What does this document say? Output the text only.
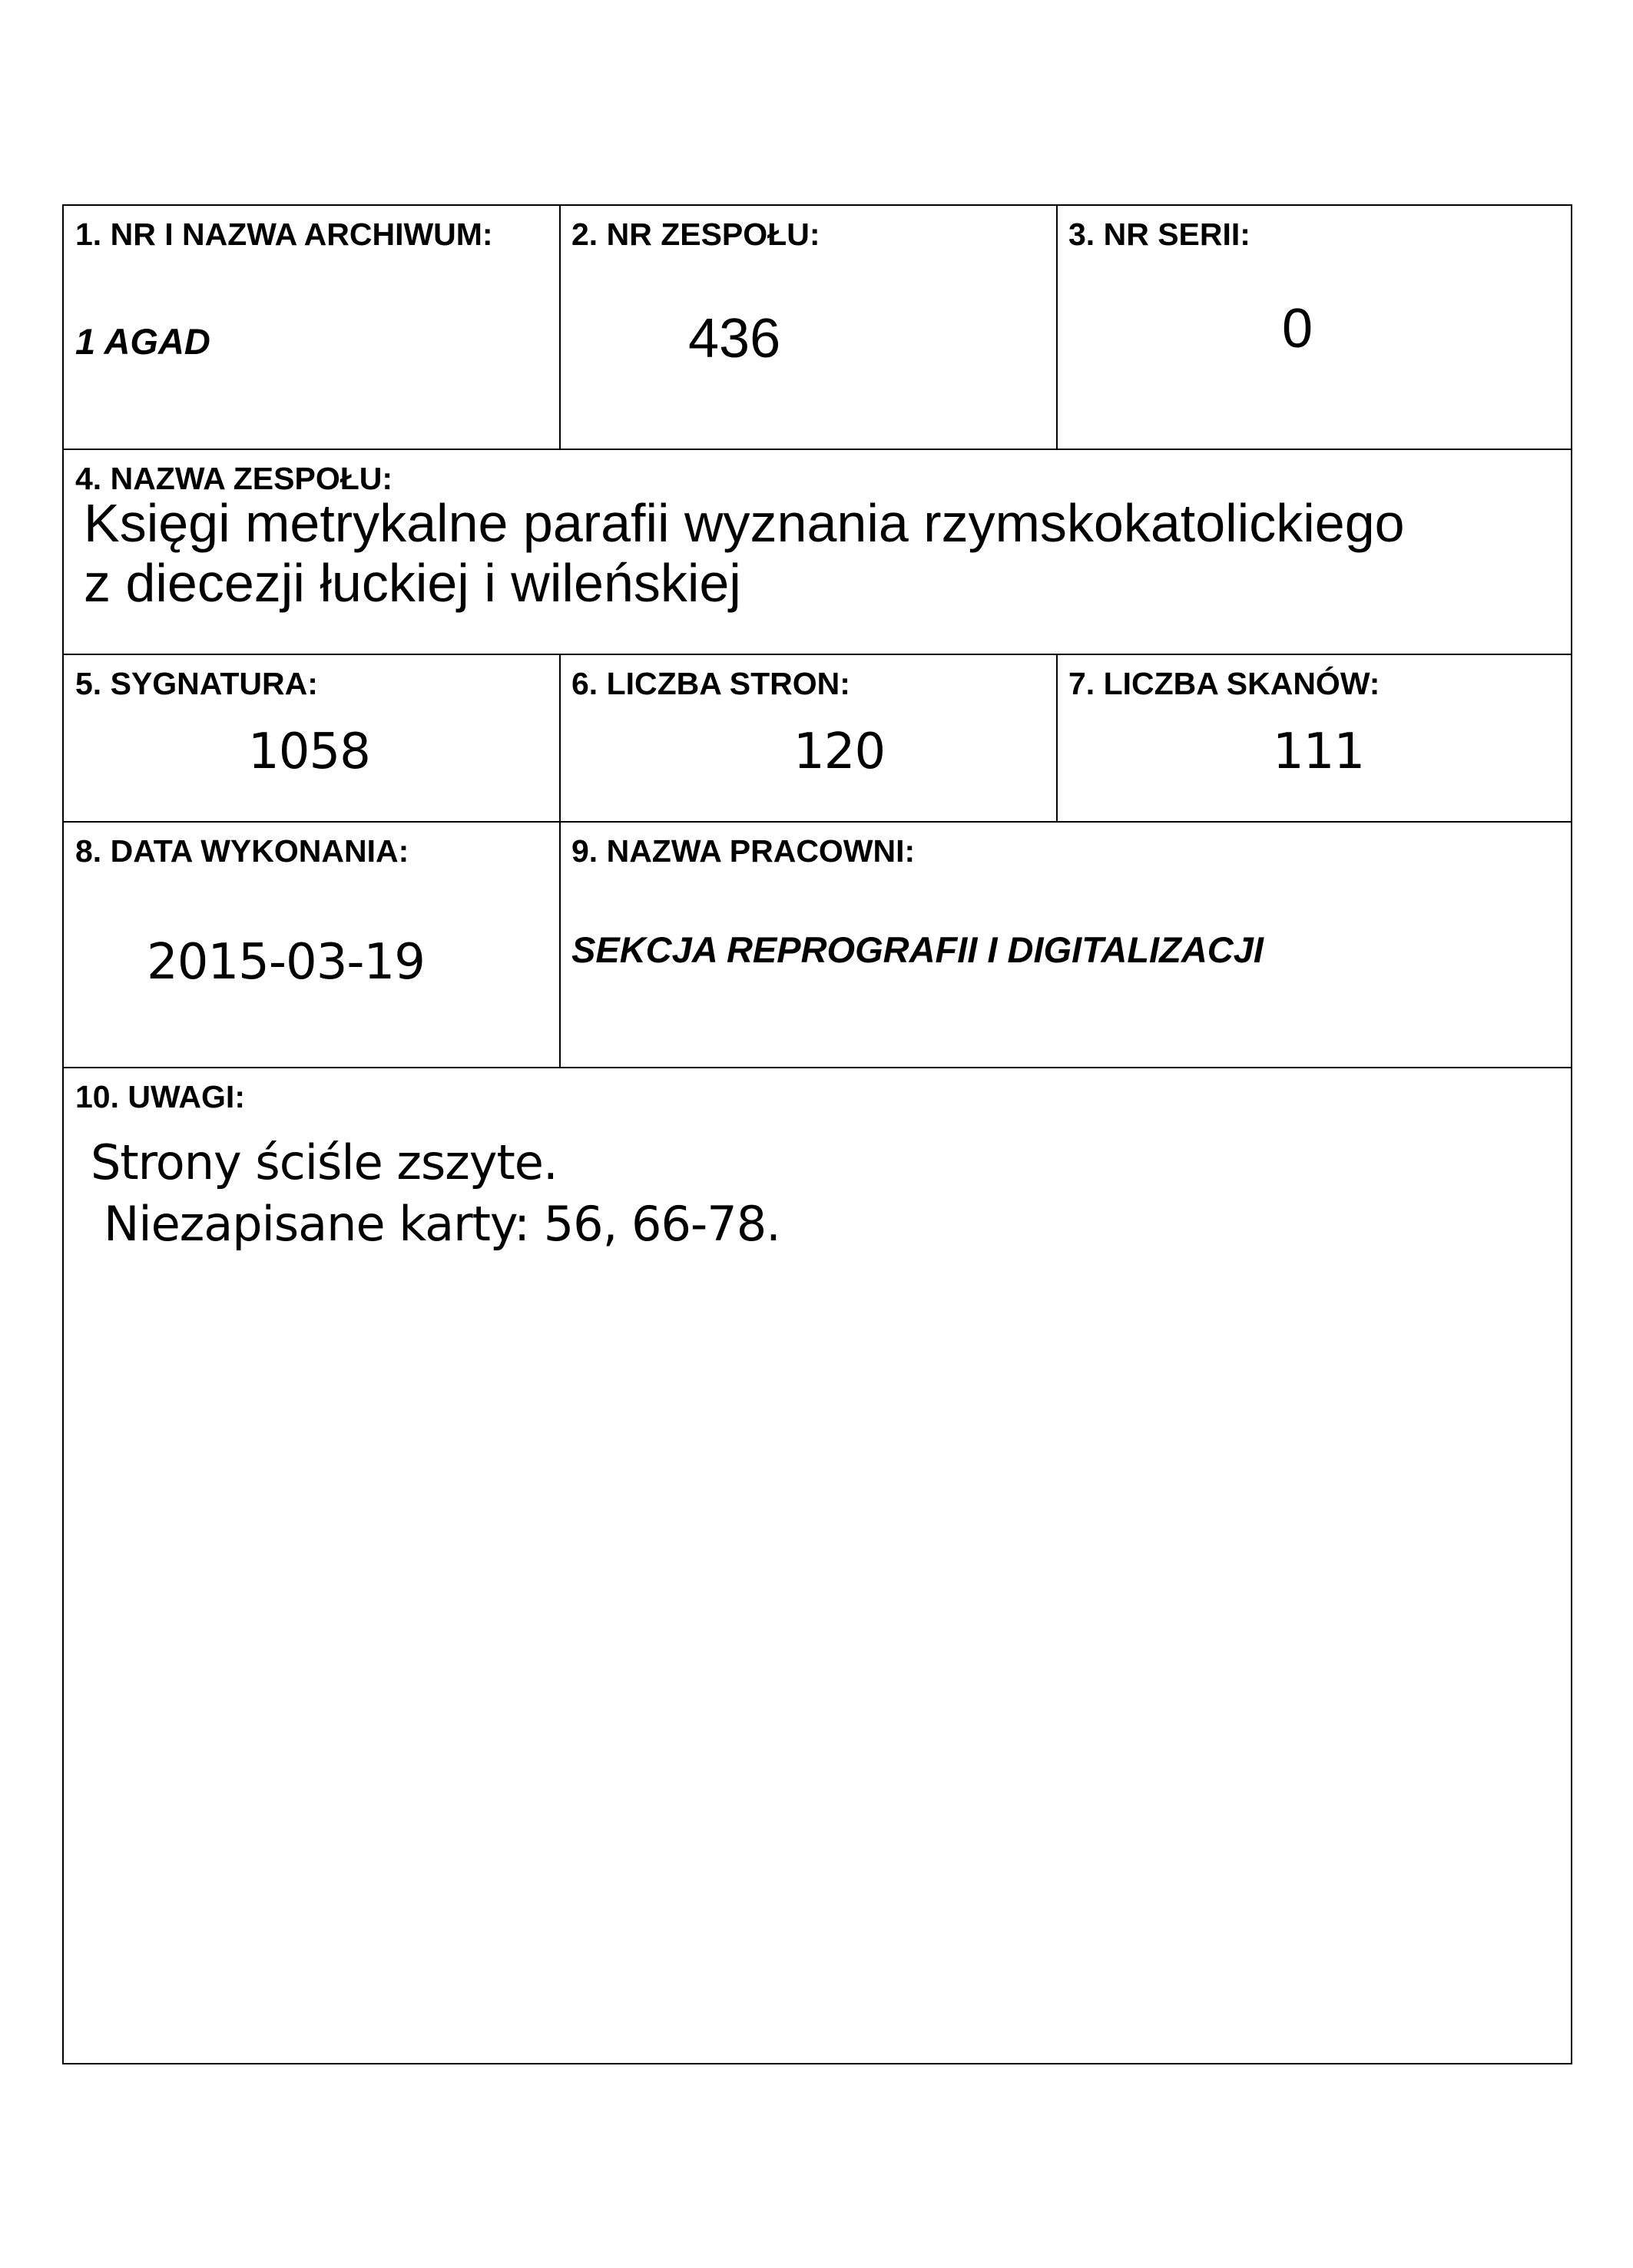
1. NR I NAZWA ARCHIWUM:
1 AGAD
2. NR ZESPOŁU:
436
3. NR SERII:
0
4. NAZWA ZESPOŁU:
Księgi metrykalne parafii wyznania rzymskokatolickiego
z diecezji łuckiej i wileńskiej
5. SYGNATURA:
1058
6. LICZBA STRON:
120
7. LICZBA SKANÓW:
111
8. DATA WYKONANIA:
2015-03-19
9. NAZWA PRACOWNI:
SEKCJA REPROGRAFII I DIGITALIZACJI
10. UWAGI:
Strony ściśle zszyte.
Niezapisane karty: 56, 66-78.
